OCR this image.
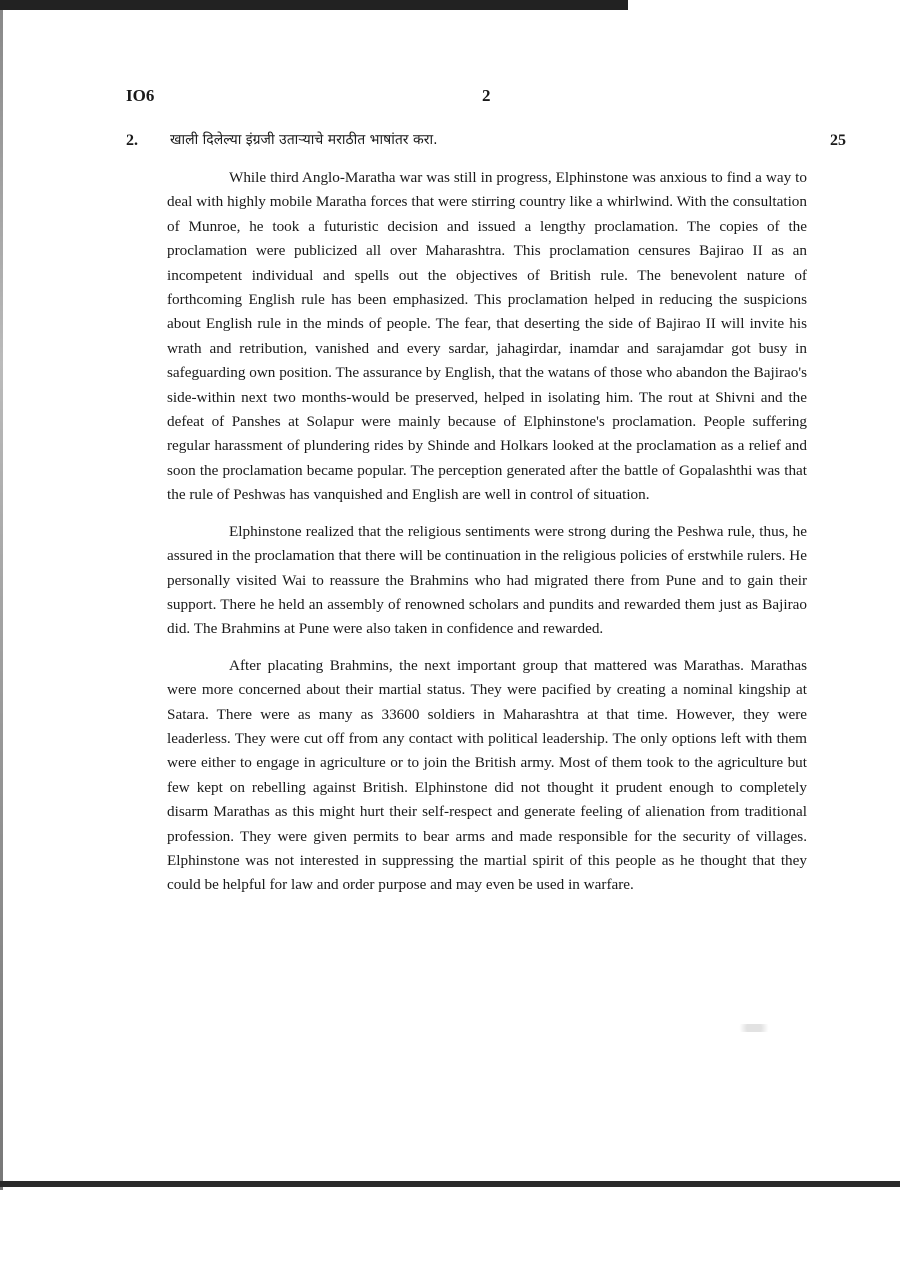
IO6	2
2. खाली दिलेल्या इंग्रजी उताऱ्याचे मराठीत भाषांतर करा.	25

While third Anglo-Maratha war was still in progress, Elphinstone was anxious to find a way to deal with highly mobile Maratha forces that were stirring country like a whirlwind. With the consultation of Munroe, he took a futuristic decision and issued a lengthy proclamation. The copies of the proclamation were publicized all over Maharashtra. This proclamation censures Bajirao II as an incompetent individual and spells out the objectives of British rule. The benevolent nature of forthcoming English rule has been emphasized. This proclamation helped in reducing the suspicions about English rule in the minds of people. The fear, that deserting the side of Bajirao II will invite his wrath and retribution, vanished and every sardar, jahagirdar, inamdar and sarajamdar got busy in safeguarding own position. The assurance by English, that the watans of those who abandon the Bajirao's side-within next two months-would be preserved, helped in isolating him. The rout at Shivni and the defeat of Panshes at Solapur were mainly because of Elphinstone's proclamation. People suffering regular harassment of plundering rides by Shinde and Holkars looked at the proclamation as a relief and soon the proclamation became popular. The perception generated after the battle of Gopalashthi was that the rule of Peshwas has vanquished and English are well in control of situation.

Elphinstone realized that the religious sentiments were strong during the Peshwa rule, thus, he assured in the proclamation that there will be continuation in the religious policies of erstwhile rulers. He personally visited Wai to reassure the Brahmins who had migrated there from Pune and to gain their support. There he held an assembly of renowned scholars and pundits and rewarded them just as Bajirao did. The Brahmins at Pune were also taken in confidence and rewarded.

After placating Brahmins, the next important group that mattered was Marathas. Marathas were more concerned about their martial status. They were pacified by creating a nominal kingship at Satara. There were as many as 33600 soldiers in Maharashtra at that time. However, they were leaderless. They were cut off from any contact with political leadership. The only options left with them were either to engage in agriculture or to join the British army. Most of them took to the agriculture but few kept on rebelling against British. Elphinstone did not thought it prudent enough to completely disarm Marathas as this might hurt their self-respect and generate feeling of alienation from traditional profession. They were given permits to bear arms and made responsible for the security of villages. Elphinstone was not interested in suppressing the martial spirit of this people as he thought that they could be helpful for law and order purpose and may even be used in warfare.
